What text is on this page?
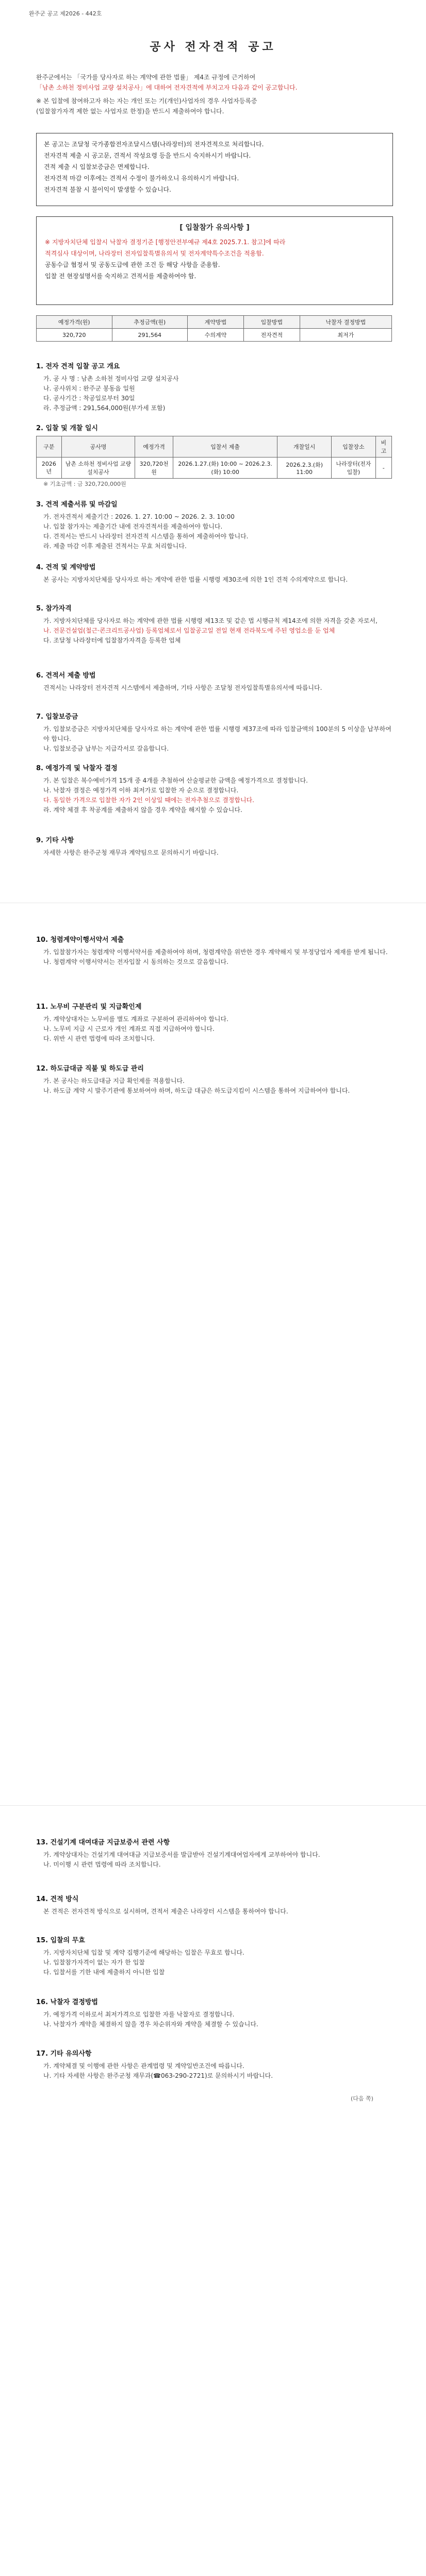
완주군 공고 제2026 - 442호
공사 전자견적 공고
완주군에서는 「국가를 당사자로 하는 계약에 관한 법률」 제4조 규정에 근거하여
「남촌 소하천 정비사업 교량 설치공사」에 대하여 전자견적에 부치고자 다음과 같이 공고합니다.
※ 본 입찰에 참여하고자 하는 자는 개인 또는 기(개인)사업자의 경우 사업자등록증
(입찰참가자격 제한 없는 사업자로 한정)을 반드시 제출하여야 합니다.
본 공고는 조달청 국가종합전자조달시스템(나라장터)의 전자견적으로 처리합니다.
전자견적 제출 시 공고문, 견적서 작성요령 등을 반드시 숙지하시기 바랍니다.
견적 제출 시 입찰보증금은 면제합니다.
전자견적 마감 이후에는 견적서 수정이 불가하오니 유의하시기 바랍니다.
전자견적 불참 시 불이익이 발생할 수 있습니다.
[ 입찰참가 유의사항 ]
※ 지방자치단체 입찰시 낙찰자 결정기준 [행정안전부예규 제4호 2025.7.1. 참고]에 따라
적격심사 대상이며, 나라장터 전자입찰특별유의서 및 전자계약특수조건을 적용함.
공동수급 협정서 및 공동도급에 관한 조건 등 해당 사항을 준용함.
입찰 전 현장설명서를 숙지하고 견적서를 제출하여야 함.
예정가격(원)	추정금액(원)	계약방법	입찰방법	낙찰자 결정방법
320,720	291,564	수의계약	전자견적	최저가
1. 전자 견적 입찰 공고 개요
가. 공 사 명 : 남촌 소하천 정비사업 교량 설치공사
나. 공사위치 : 완주군 봉동읍 일원
다. 공사기간 : 착공일로부터 30일
라. 추정금액 : 291,564,000원(부가세 포함)
2. 입찰 및 개찰 일시
구분	공사명	예정가격	입찰서 제출	개찰일시	입찰장소	비고
2026년	남촌 소하천 정비사업 교량 설치공사	320,720천원	2026.1.27.(화) 10:00 ~ 2026.2.3.(화) 10:00	2026.2.3.(화) 11:00	나라장터(전자입찰)	-
※ 기초금액 : 금 320,720,000원
3. 견적 제출서류 및 마감일
가. 전자견적서 제출기간 : 2026. 1. 27. 10:00 ~ 2026. 2. 3. 10:00
나. 입찰 참가자는 제출기간 내에 전자견적서를 제출하여야 합니다.
다. 견적서는 반드시 나라장터 전자견적 시스템을 통하여 제출하여야 합니다.
라. 제출 마감 이후 제출된 견적서는 무효 처리합니다.
4. 견적 및 계약방법
본 공사는 지방자치단체를 당사자로 하는 계약에 관한 법률 시행령 제30조에 의한 1인 견적 수의계약으로 합니다.
5. 참가자격
가. 지방자치단체를 당사자로 하는 계약에 관한 법률 시행령 제13조 및 같은 법 시행규칙 제14조에 의한 자격을 갖춘 자로서,
나. 전문건설업(철근·콘크리트공사업) 등록업체로서 입찰공고일 전일 현재 전라북도에 주된 영업소를 둔 업체
다. 조달청 나라장터에 입찰참가자격을 등록한 업체
6. 견적서 제출 방법
견적서는 나라장터 전자견적 시스템에서 제출하며, 기타 사항은 조달청 전자입찰특별유의서에 따릅니다.
7. 입찰보증금
가. 입찰보증금은 지방자치단체를 당사자로 하는 계약에 관한 법률 시행령 제37조에 따라 입찰금액의 100분의 5 이상을 납부하여야 합니다.
나. 입찰보증금 납부는 지급각서로 갈음합니다.
8. 예정가격 및 낙찰자 결정
가. 본 입찰은 복수예비가격 15개 중 4개를 추첨하여 산술평균한 금액을 예정가격으로 결정합니다.
나. 낙찰자 결정은 예정가격 이하 최저가로 입찰한 자 순으로 결정합니다.
다. 동일한 가격으로 입찰한 자가 2인 이상일 때에는 전자추첨으로 결정합니다.
라. 계약 체결 후 착공계를 제출하지 않을 경우 계약을 해지할 수 있습니다.
9. 기타 사항
자세한 사항은 완주군청 재무과 계약팀으로 문의하시기 바랍니다.
10. 청렴계약이행서약서 제출
가. 입찰참가자는 청렴계약 이행서약서를 제출하여야 하며, 청렴계약을 위반한 경우 계약해지 및 부정당업자 제재를 받게 됩니다.
나. 청렴계약 이행서약서는 전자입찰 시 동의하는 것으로 갈음합니다.
11. 노무비 구분관리 및 지급확인제
가. 계약상대자는 노무비를 별도 계좌로 구분하여 관리하여야 합니다.
나. 노무비 지급 시 근로자 개인 계좌로 직접 지급하여야 합니다.
다. 위반 시 관련 법령에 따라 조치합니다.
12. 하도급대금 직불 및 하도급 관리
가. 본 공사는 하도급대금 지급 확인제를 적용합니다.
나. 하도급 계약 시 발주기관에 통보하여야 하며, 하도급 대금은 하도급지킴이 시스템을 통하여 지급하여야 합니다.
13. 건설기계 대여대금 지급보증서 관련 사항
가. 계약상대자는 건설기계 대여대금 지급보증서를 발급받아 건설기계대여업자에게 교부하여야 합니다.
나. 미이행 시 관련 법령에 따라 조치합니다.
14. 견적 방식
본 견적은 전자견적 방식으로 실시하며, 견적서 제출은 나라장터 시스템을 통하여야 합니다.
15. 입찰의 무효
가. 지방자치단체 입찰 및 계약 집행기준에 해당하는 입찰은 무효로 합니다.
나. 입찰참가자격이 없는 자가 한 입찰
다. 입찰서를 기한 내에 제출하지 아니한 입찰
16. 낙찰자 결정방법
가. 예정가격 이하로서 최저가격으로 입찰한 자를 낙찰자로 결정합니다.
나. 낙찰자가 계약을 체결하지 않을 경우 차순위자와 계약을 체결할 수 있습니다.
17. 기타 유의사항
가. 계약체결 및 이행에 관한 사항은 관계법령 및 계약일반조건에 따릅니다.
나. 기타 자세한 사항은 완주군청 재무과(☎063-290-2721)로 문의하시기 바랍니다.
(다음 쪽)
